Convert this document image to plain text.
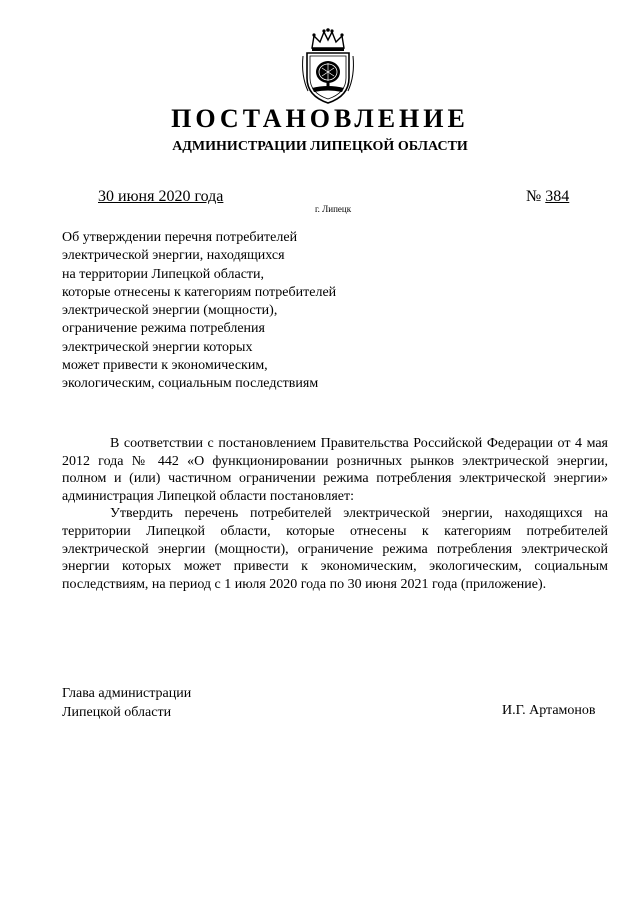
ПОСТАНОВЛЕНИЕ
АДМИНИСТРАЦИИ ЛИПЕЦКОЙ ОБЛАСТИ
30 июня 2020 года
г. Липецк
№ 384
Об утверждении перечня потребителей
электрической энергии, находящихся
на территории Липецкой области,
которые отнесены к категориям потребителей
электрической энергии (мощности),
ограничение режима потребления
электрической энергии которых
может привести к экономическим,
экологическим, социальным последствиям

В соответствии с постановлением Правительства Российской Федерации от 4 мая 2012 года № 442 «О функционировании розничных рынков электрической энергии, полном и (или) частичном ограничении режима потребления электрической энергии» администрация Липецкой области постановляет:

Утвердить перечень потребителей электрической энергии, находящихся на территории Липецкой области, которые отнесены к категориям потребителей электрической энергии (мощности), ограничение режима потребления электрической энергии которых может привести к экономическим, экологическим, социальным последствиям, на период с 1 июля 2020 года по 30 июня 2021 года (приложение).

Глава администрации
Липецкой области	И.Г. Артамонов
